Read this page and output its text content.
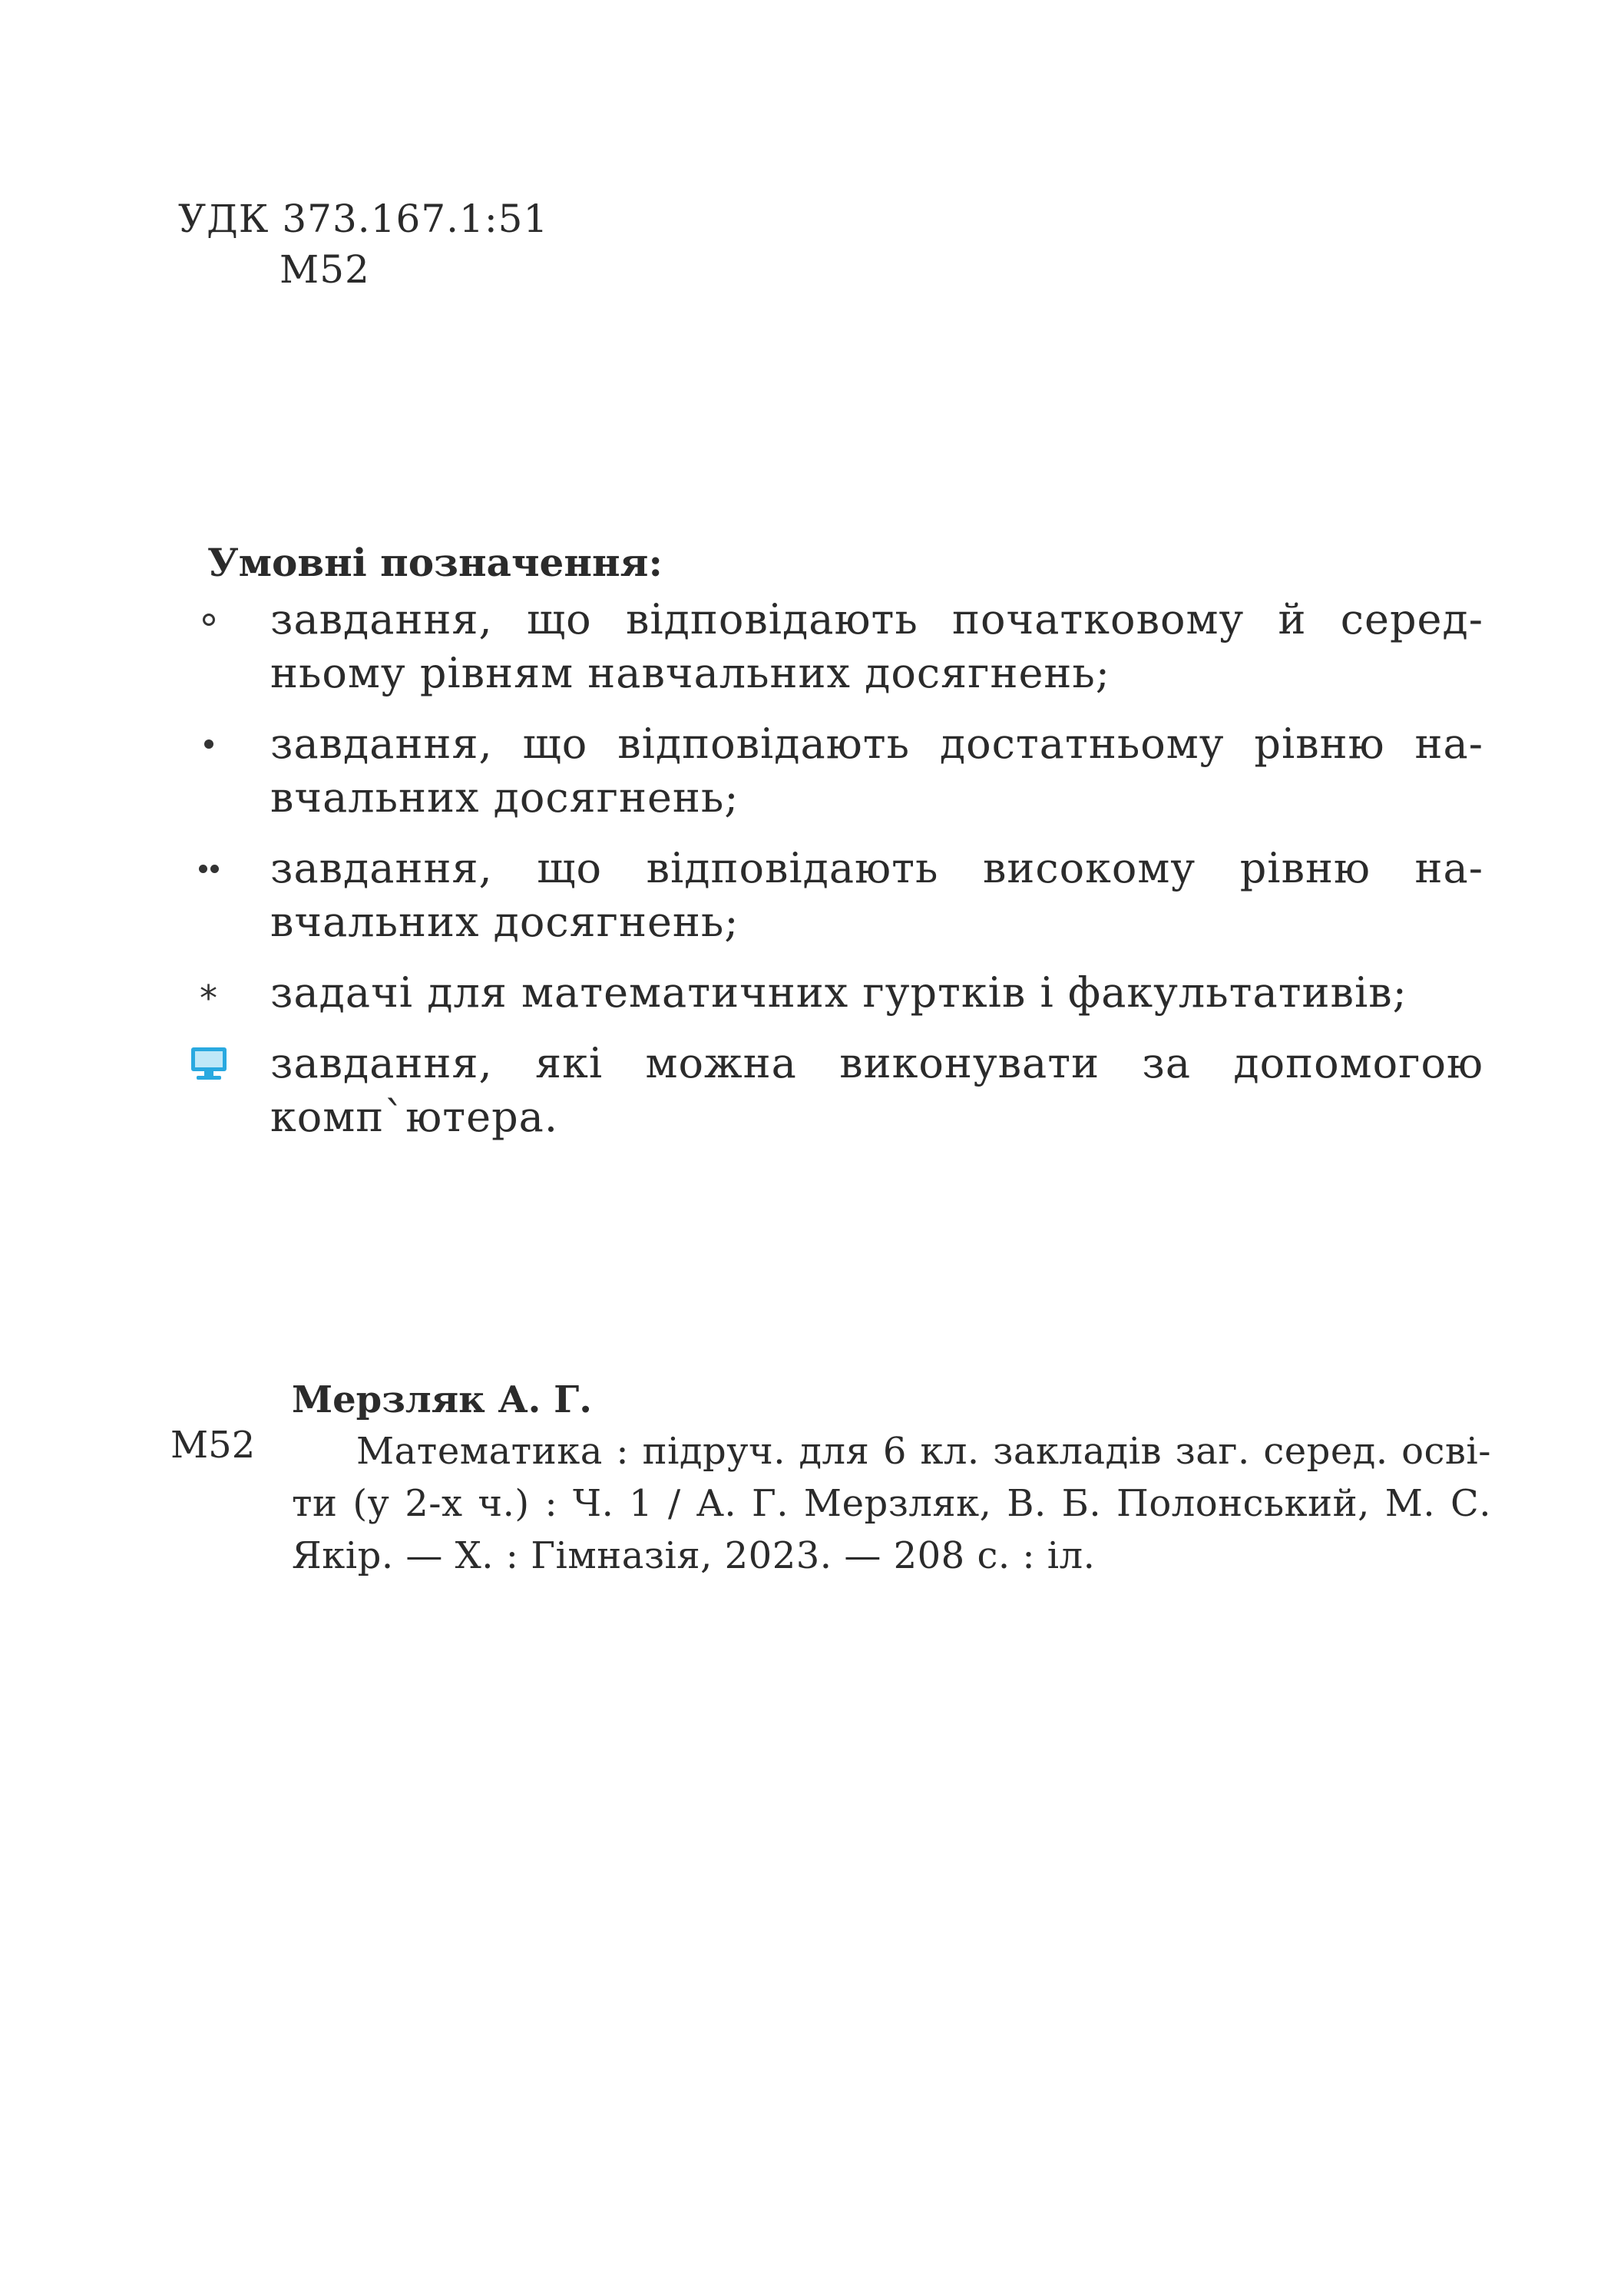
УДК 373.167.1:51
М52
Умовні позначення:
завдання, що відповідають початковому й серед-ньому рівням навчальних досягнень;
завдання, що відповідають достатньому рівню на-вчальних досягнень;
завдання, що відповідають високому рівню на-вчальних досягнень;
* задачі для математичних гуртків і факультативів;
завдання, які можна виконувати за допомогою комп`ютера.
М52
Мерзляк А. Г.
Математика : підруч. для 6 кл. закладів заг. серед. осві-ти (у 2-х ч.) : Ч. 1 / А. Г. Мерзляк, В. Б. Полонський, М. С. Якір. — Х. : Гімназія, 2023. — 208 с. : іл.
